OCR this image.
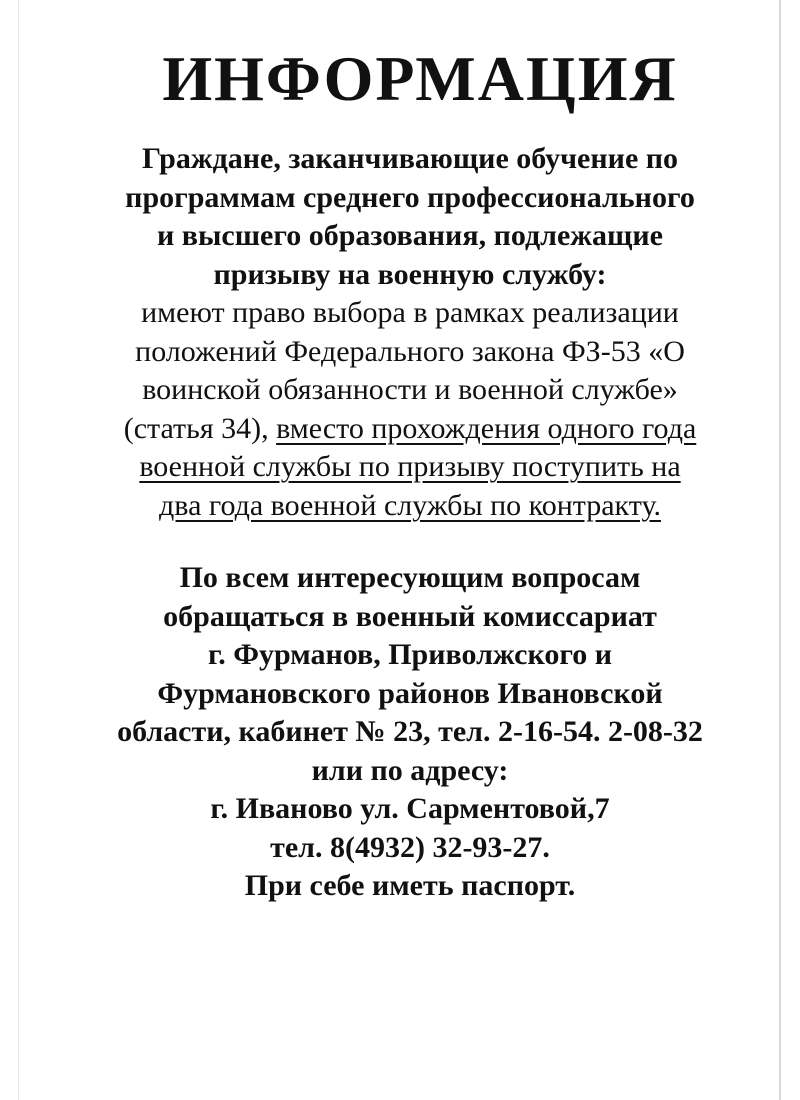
ИНФОРМАЦИЯ

Граждане, заканчивающие обучение по
программам среднего профессионального
и высшего образования, подлежащие
призыву на военную службу:

имеют право выбора в рамках реализации
положений Федерального закона ФЗ-53 «О
воинской обязанности и военной службе»
(статья 34), вместо прохождения одного года
военной службы по призыву поступить на
два года военной службы по контракту.

По всем интересующим вопросам
обращаться в военный комиссариат
г. Фурманов, Приволжского и
Фурмановского районов Ивановской
области, кабинет № 23, тел. 2-16-54. 2-08-32
или по адресу:
г. Иваново ул. Сарментовой,7
тел. 8(4932) 32-93-27.
При себе иметь паспорт.
